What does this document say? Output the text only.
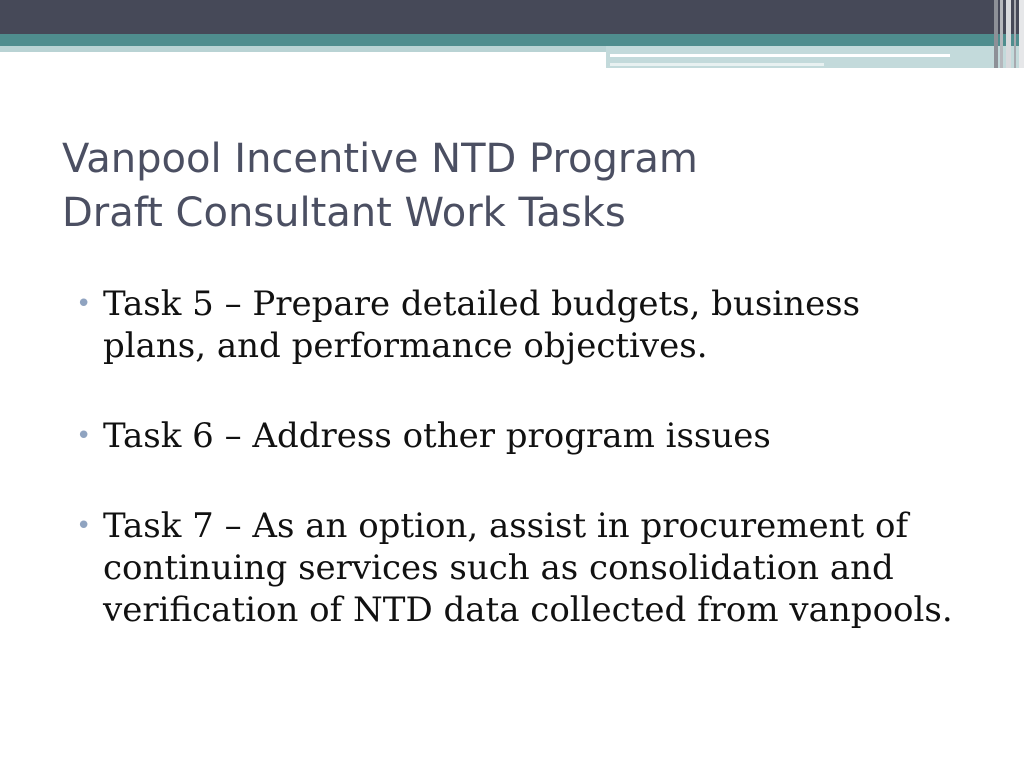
Vanpool Incentive NTD Program
Draft Consultant Work Tasks
• Task 5 – Prepare detailed budgets, business plans, and performance objectives.
• Task 6 – Address other program issues
• Task 7 – As an option, assist in procurement of continuing services such as consolidation and verification of NTD data collected from vanpools.
